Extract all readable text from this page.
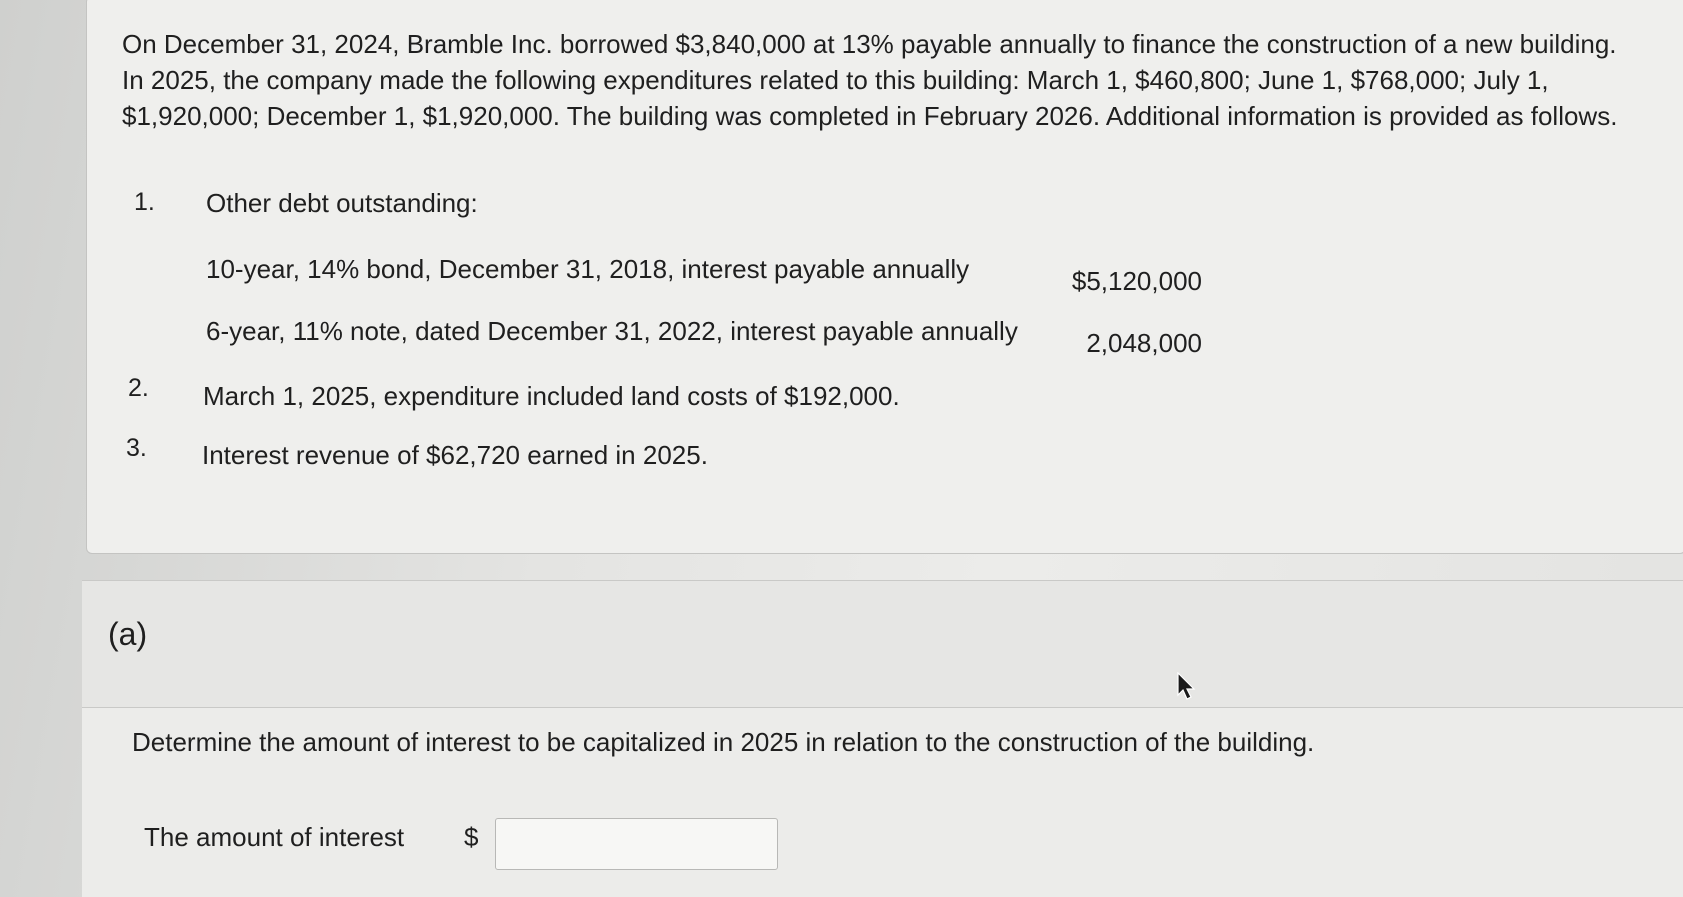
On December 31, 2024, Bramble Inc. borrowed $3,840,000 at 13% payable annually to finance the construction of a new building. In 2025, the company made the following expenditures related to this building: March 1, $460,800; June 1, $768,000; July 1, $1,920,000; December 1, $1,920,000. The building was completed in February 2026. Additional information is provided as follows.

1.	Other debt outstanding:
10-year, 14% bond, December 31, 2018, interest payable annually	$5,120,000
6-year, 11% note, dated December 31, 2022, interest payable annually	2,048,000
2.	March 1, 2025, expenditure included land costs of $192,000.
3.	Interest revenue of $62,720 earned in 2025.
(a)
Determine the amount of interest to be capitalized in 2025 in relation to the construction of the building.
The amount of interest $
